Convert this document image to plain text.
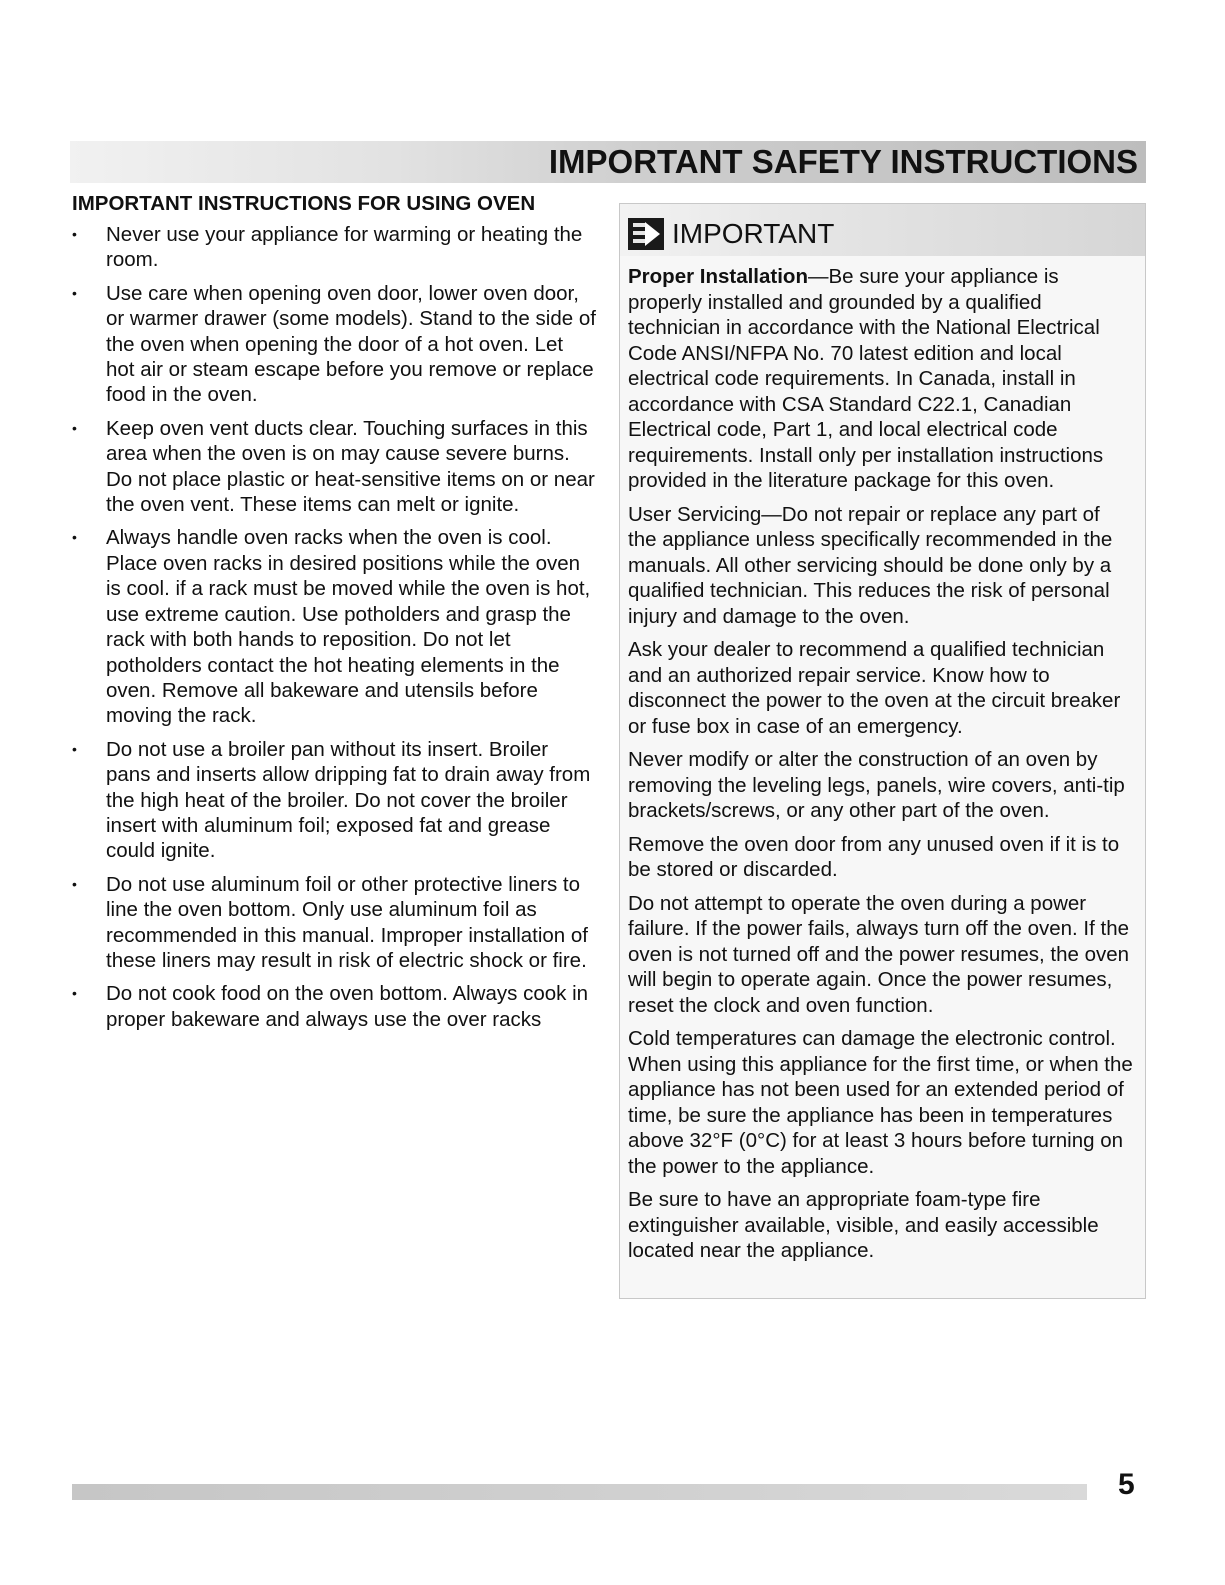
IMPORTANT SAFETY INSTRUCTIONS
IMPORTANT INSTRUCTIONS FOR USING OVEN
• Never use your appliance for warming or heating the room.
• Use care when opening oven door, lower oven door, or warmer drawer (some models). Stand to the side of the oven when opening the door of a hot oven. Let hot air or steam escape before you remove or replace food in the oven.
• Keep oven vent ducts clear. Touching surfaces in this area when the oven is on may cause severe burns. Do not place plastic or heat-sensitive items on or near the oven vent. These items can melt or ignite.
• Always handle oven racks when the oven is cool. Place oven racks in desired positions while the oven is cool. if a rack must be moved while the oven is hot, use extreme caution. Use potholders and grasp the rack with both hands to reposition. Do not let potholders contact the hot heating elements in the oven. Remove all bakeware and utensils before moving the rack.
• Do not use a broiler pan without its insert. Broiler pans and inserts allow dripping fat to drain away from the high heat of the broiler. Do not cover the broiler insert with aluminum foil; exposed fat and grease could ignite.
• Do not use aluminum foil or other protective liners to line the oven bottom. Only use aluminum foil as recommended in this manual. Improper installation of these liners may result in risk of electric shock or fire.
• Do not cook food on the oven bottom. Always cook in proper bakeware and always use the over racks
IMPORTANT

Proper Installation—Be sure your appliance is properly installed and grounded by a qualified technician in accordance with the National Electrical Code ANSI/NFPA No. 70 latest edition and local electrical code requirements. In Canada, install in accordance with CSA Standard C22.1, Canadian Electrical code, Part 1, and local electrical code requirements. Install only per installation instructions provided in the literature package for this oven.

User Servicing—Do not repair or replace any part of the appliance unless specifically recommended in the manuals. All other servicing should be done only by a qualified technician. This reduces the risk of personal injury and damage to the oven.

Ask your dealer to recommend a qualified technician and an authorized repair service. Know how to disconnect the power to the oven at the circuit breaker or fuse box in case of an emergency.

Never modify or alter the construction of an oven by removing the leveling legs, panels, wire covers, anti-tip brackets/screws, or any other part of the oven.

Remove the oven door from any unused oven if it is to be stored or discarded.

Do not attempt to operate the oven during a power failure. If the power fails, always turn off the oven. If the oven is not turned off and the power resumes, the oven will begin to operate again. Once the power resumes, reset the clock and oven function.

Cold temperatures can damage the electronic control. When using this appliance for the first time, or when the appliance has not been used for an extended period of time, be sure the appliance has been in temperatures above 32°F (0°C) for at least 3 hours before turning on the power to the appliance.

Be sure to have an appropriate foam-type fire extinguisher available, visible, and easily accessible located near the appliance.

5
